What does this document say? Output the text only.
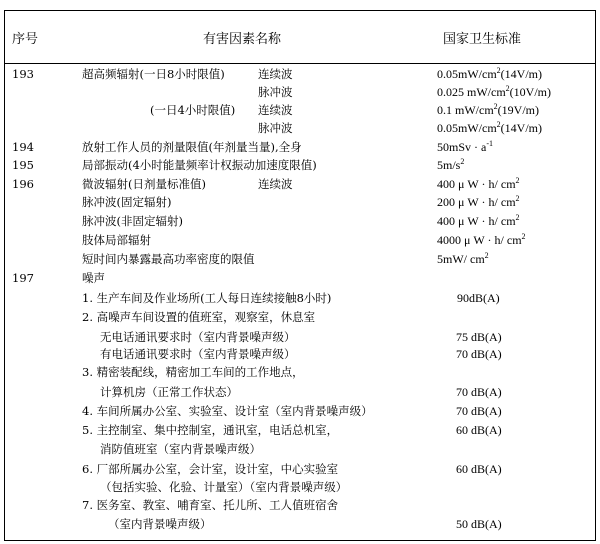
序号	有害因素名称	国家卫生标准
193	超高频辐射(一日8小时限值)	连续波	$0.05mW/cm^2(14V/m)$
脉冲波	0.025 $mW/cm^2(10V/m)$
(一日4小时限值) 连续波	0.1 $mW/cm^2(19V/m)$
脉冲波	$0.05mW/cm^2(14V/m)$
194	放射工作人员的剂量限值(年剂量当量),全身	$50mSv \cdot a^{-1}$
195	局部振动(4小时能量频率计权振动加速度限值)	$5m/s^2$
196	微波辐射(日剂量标准值)	连续波	400 μ W · h/ $cm^2$
脉冲波(固定辐射)	200 μ W · h/ $cm^2$
脉冲波(非固定辐射)	400 μ W · h/ $cm^2$
肢体局部辐射	4000 μ W · h/ $cm^2$
短时间内暴露最高功率密度的限值	5mW/ $cm^2$
197	噪声
1. 生产车间及作业场所(工人每日连续接触8小时)	90dB(A)
2. 高噪声车间设置的值班室，观察室，休息室
无电话通讯要求时（室内背景噪声级）	75 dB(A)
有电话通讯要求时（室内背景噪声级）	70 dB(A)
3. 精密装配线，精密加工车间的工作地点，
计算机房（正常工作状态）	70 dB(A)
4. 车间所属办公室、实验室、设计室（室内背景噪声级）	70 dB(A)
5. 主控制室、集中控制室，通讯室，电话总机室，	60 dB(A)
消防值班室（室内背景噪声级）
6. 厂部所属办公室，会计室，设计室，中心实验室	60 dB(A)
（包括实验、化验、计量室）（室内背景噪声级）
7. 医务室、教室、哺育室、托儿所、工人值班宿舍
（室内背景噪声级）	50 dB(A)
